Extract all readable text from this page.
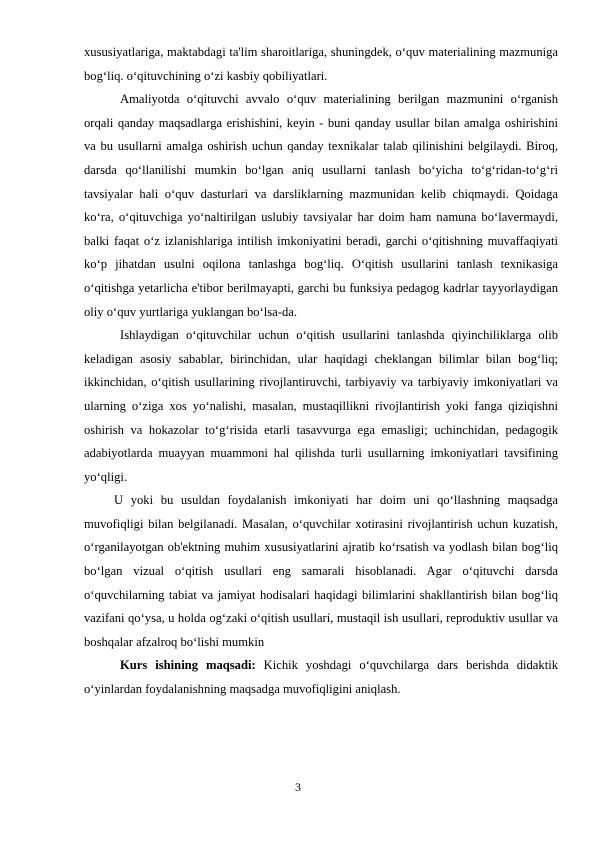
xususiyatlariga, maktabdagi ta'lim sharoitlariga, shuningdek, o‘quv materialining mazmuniga bog‘liq. o‘qituvchining o‘zi kasbiy qobiliyatlari.

Amaliyotda o‘qituvchi avvalo o‘quv materialining berilgan mazmunini o‘rganish orqali qanday maqsadlarga erishishini, keyin - buni qanday usullar bilan amalga oshirishini va bu usullarni amalga oshirish uchun qanday texnikalar talab qilinishini belgilaydi. Biroq, darsda qo‘llanilishi mumkin bo‘lgan aniq usullarni tanlash bo‘yicha to‘g‘ridan-to‘g‘ri tavsiyalar hali o‘quv dasturlari va darsliklarning mazmunidan kelib chiqmaydi. Qoidaga ko‘ra, o‘qituvchiga yo‘naltirilgan uslubiy tavsiyalar har doim ham namuna bo‘lavermaydi, balki faqat o‘z izlanishlariga intilish imkoniyatini beradi, garchi o‘qitishning muvaffaqiyati ko‘p jihatdan usulni oqilona tanlashga bog‘liq. O‘qitish usullarini tanlash texnikasiga o‘qitishga yetarlicha e'tibor berilmayapti, garchi bu funksiya pedagog kadrlar tayyorlaydigan oliy o‘quv yurtlariga yuklangan bo‘lsa-da.

Ishlaydigan o‘qituvchilar uchun o‘qitish usullarini tanlashda qiyinchiliklarga olib keladigan asosiy sabablar, birinchidan, ular haqidagi cheklangan bilimlar bilan bog‘liq; ikkinchidan, o‘qitish usullarining rivojlantiruvchi, tarbiyaviy va tarbiyaviy imkoniyatlari va ularning o‘ziga xos yo‘nalishi, masalan, mustaqillikni rivojlantirish yoki fanga qiziqishni oshirish va hokazolar to‘g‘risida etarli tasavvurga ega emasligi; uchinchidan, pedagogik adabiyotlarda muayyan muammoni hal qilishda turli usullarning imkoniyatlari tavsifining yo‘qligi.

U yoki bu usuldan foydalanish imkoniyati har doim uni qo‘llashning maqsadga muvofiqligi bilan belgilanadi. Masalan, o‘quvchilar xotirasini rivojlantirish uchun kuzatish, o‘rganilayotgan ob'ektning muhim xususiyatlarini ajratib ko‘rsatish va yodlash bilan bog‘liq bo‘lgan vizual o‘qitish usullari eng samarali hisoblanadi. Agar o‘qituvchi darsda o‘quvchilarning tabiat va jamiyat hodisalari haqidagi bilimlarini shakllantirish bilan bog‘liq vazifani qo‘ysa, u holda og‘zaki o‘qitish usullari, mustaqil ish usullari, reproduktiv usullar va boshqalar afzalroq bo‘lishi mumkin

Kurs ishining maqsadi: Kichik yoshdagi o‘quvchilarga dars berishda didaktik o‘yinlardan foydalanishning maqsadga muvofiqligini aniqlash.

3
